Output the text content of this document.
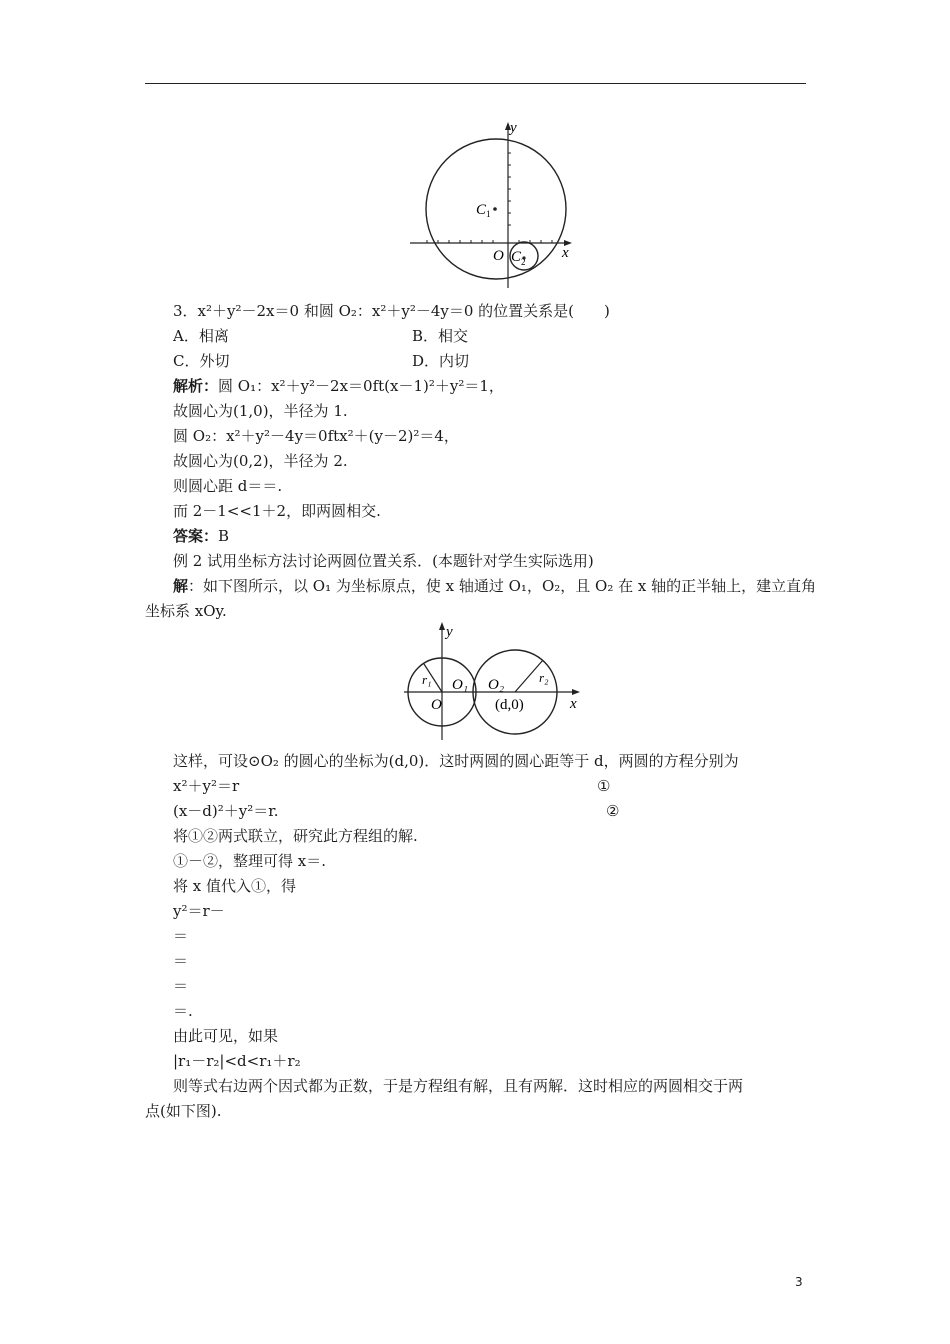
y
x
O
C 1
C 2
3．x²＋y²－2x＝0 和圆 O₂：x²＋y²－4y＝0 的位置关系是(　　)
A．相离	B．相交
C．外切	D．内切
解析：圆 O₁：x²＋y²－2x＝0ft(x－1)²＋y²＝1，
故圆心为(1,0)，半径为 1.
圆 O₂：x²＋y²－4y＝0ftx²＋(y－2)²＝4，
故圆心为(0,2)，半径为 2.
则圆心距 d＝＝.
而 2－1<<1＋2，即两圆相交.
答案：B
例 2 试用坐标方法讨论两圆位置关系．(本题针对学生实际选用)
解：如下图所示，以 O₁ 为坐标原点，使 x 轴通过 O₁，O₂，且 O₂ 在 x 轴的正半轴上，建立直角
坐标系 xOy.
y
x
O
r₁ O₁ O₂	r₂
(d,0)
这样，可设⊙O₂ 的圆心的坐标为(d,0)．这时两圆的圆心距等于 d，两圆的方程分别为
x²＋y²＝r	①
(x－d)²＋y²＝r.	②
将①②两式联立，研究此方程组的解.
①－②，整理可得 x＝.
将 x 值代入①，得
y²＝r－
＝
＝
＝
＝.
由此可见，如果
|r₁－r₂|<d<r₁＋r₂
则等式右边两个因式都为正数，于是方程组有解，且有两解．这时相应的两圆相交于两
点(如下图).
3
